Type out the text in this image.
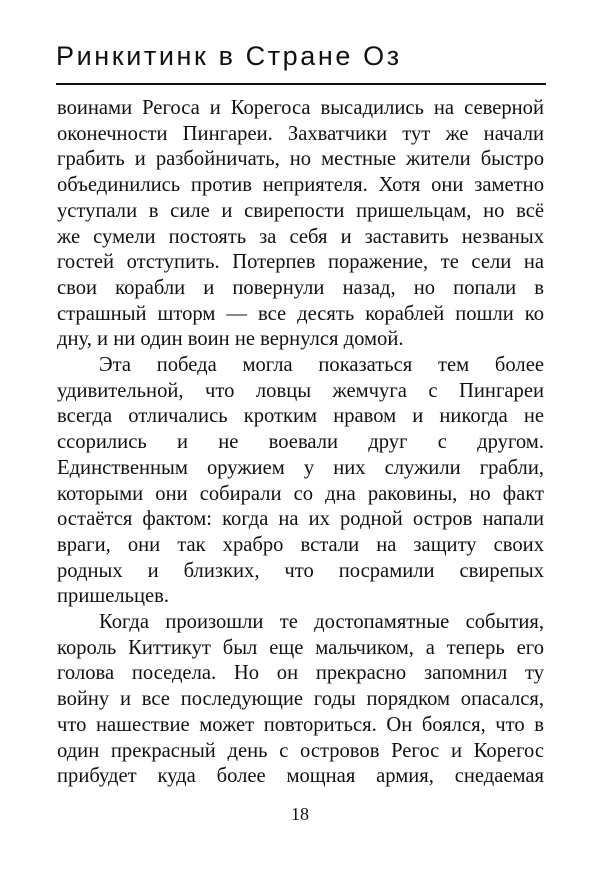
Ринкитинк в Стране Оз

воинами Регоса и Корегоса высадились на северной
оконечности Пингареи. Захватчики тут же начали
грабить и разбойничать, но местные жители быстро
объединились против неприятеля. Хотя они заметно
уступали в силе и свирепости пришельцам, но всё
же сумели постоять за себя и заставить незваных
гостей отступить. Потерпев поражение, те сели на
свои корабли и повернули назад, но попали в
страшный шторм — все десять кораблей пошли ко
дну, и ни один воин не вернулся домой.

Эта победа могла показаться тем более
удивительной, что ловцы жемчуга с Пингареи
всегда отличались кротким нравом и никогда не
ссорились и не воевали друг с другом.
Единственным оружием у них служили грабли,
которыми они собирали со дна раковины, но факт
остаётся фактом: когда на их родной остров напали
враги, они так храбро встали на защиту своих
родных и близких, что посрамили свирепых
пришельцев.

Когда произошли те достопамятные события,
король Киттикут был еще мальчиком, а теперь его
голова поседела. Но он прекрасно запомнил ту
войну и все последующие годы порядком опасался,
что нашествие может повториться. Он боялся, что в
один прекрасный день с островов Регос и Корегос
прибудет куда более мощная армия, снедаемая

18
